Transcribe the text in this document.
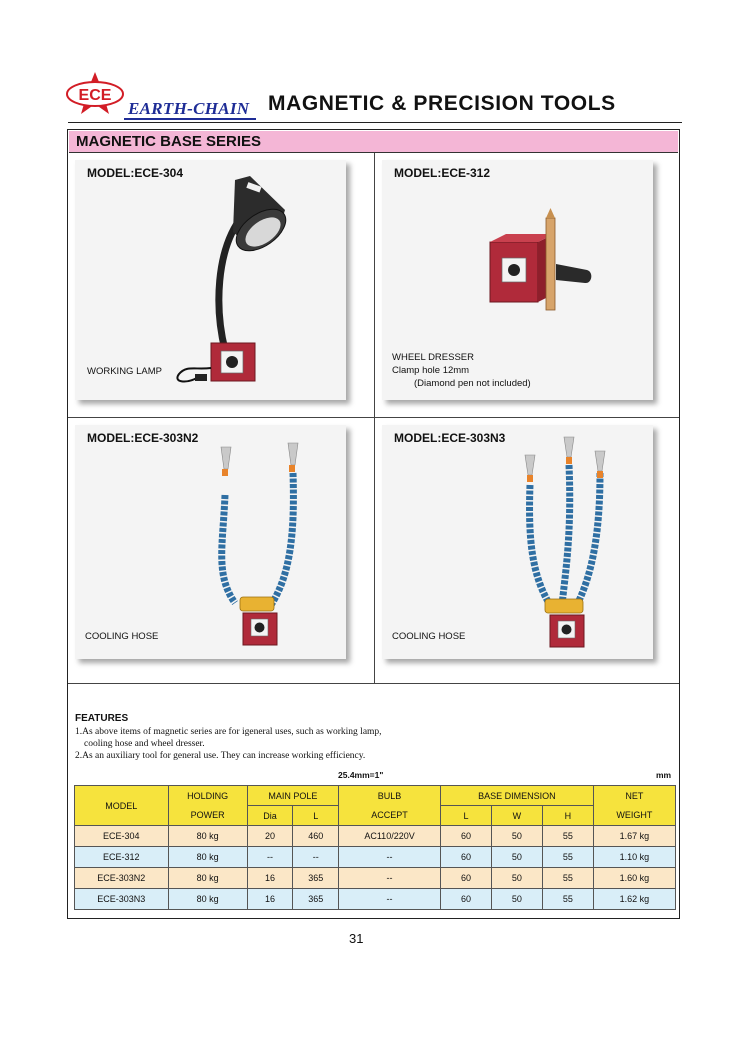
ECE
EARTH-CHAIN MAGNETIC & PRECISION TOOLS
MAGNETIC BASE SERIES
MODEL:ECE-304
WORKING LAMP
MODEL:ECE-312
WHEEL DRESSER
Clamp hole 12mm
(Diamond pen not included)
MODEL:ECE-303N2
COOLING HOSE
MODEL:ECE-303N3
COOLING HOSE
FEATURES
1.As above items of magnetic series are for igeneral uses, such as working lamp,
cooling hose and wheel dresser.
2.As an auxiliary tool for general use. They can increase working efficiency.
25.4mm=1"	mm
MODEL	HOLDING	MAIN POLE		BULB	BASE DIMENSION			NET
	POWER	Dia	L	ACCEPT	L	W	H	WEIGHT
ECE-304	80 kg	20	460	AC110/220V	60	50	55	1.67 kg
ECE-312	80 kg	--	--	--	60	50	55	1.10 kg
ECE-303N2	80 kg	16	365	--	60	50	55	1.60 kg
ECE-303N3	80 kg	16	365	--	60	50	55	1.62 kg
31
